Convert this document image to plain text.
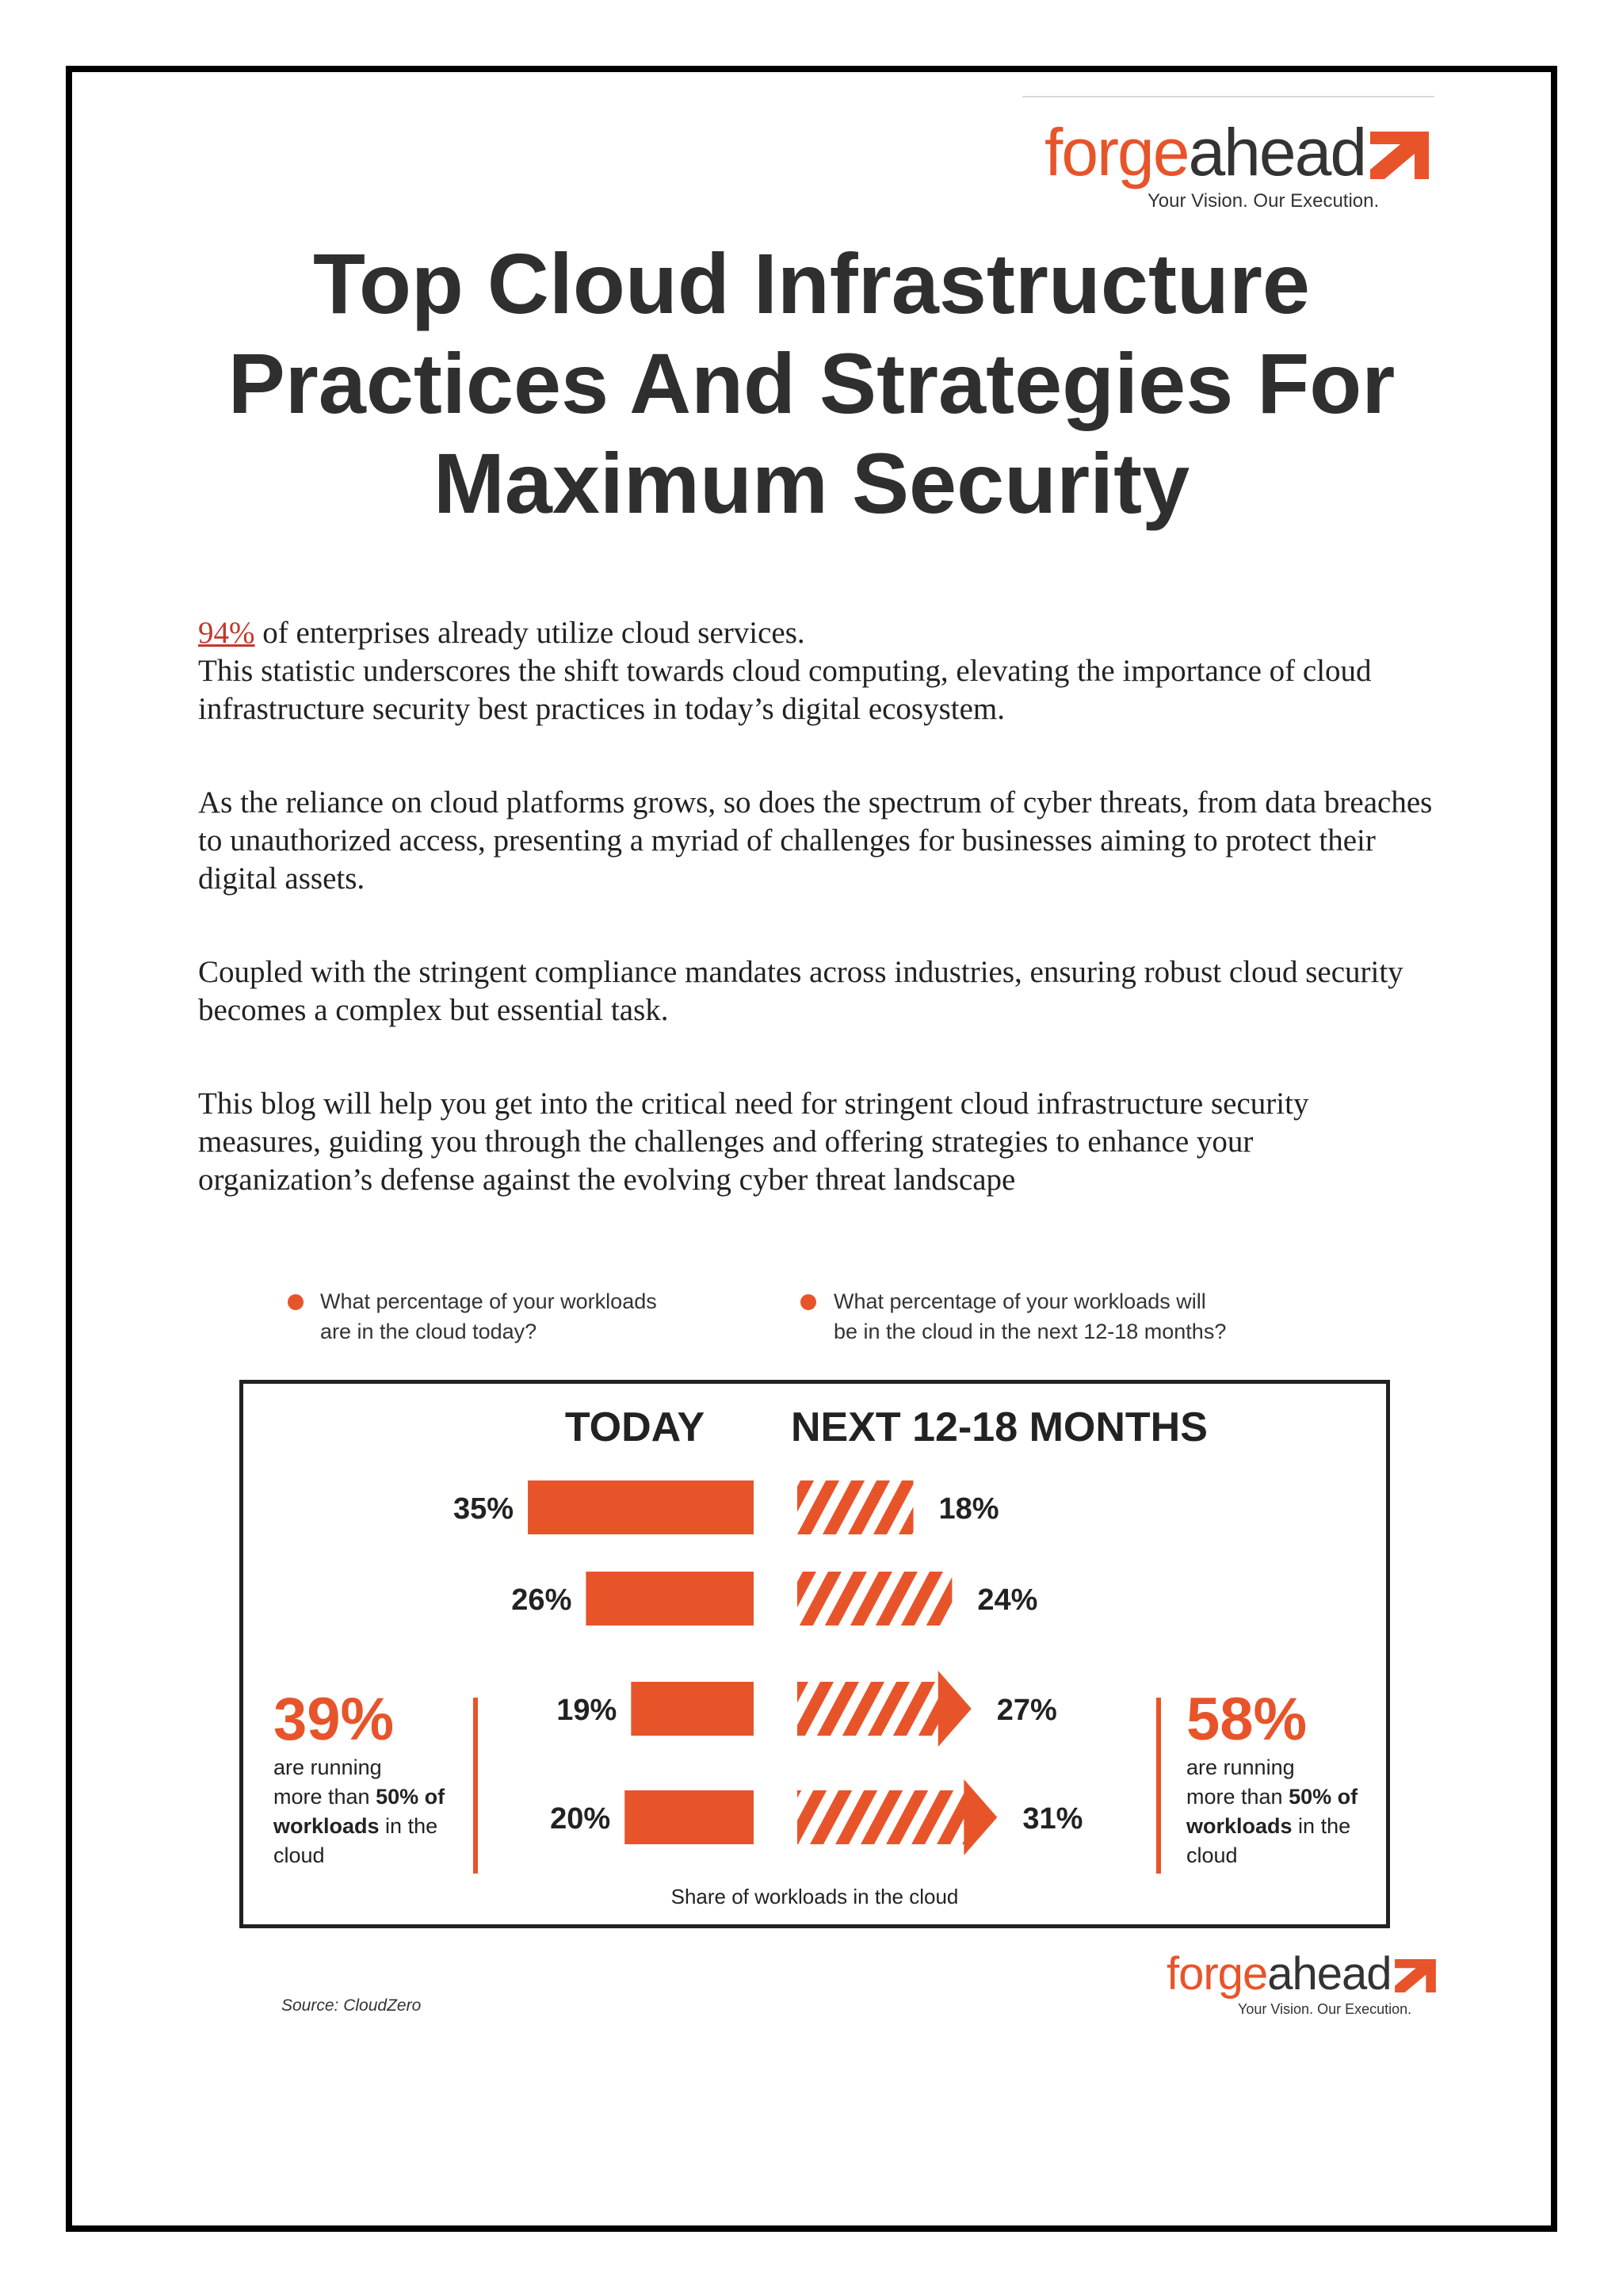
forgeahead
Your Vision. Our Execution.
Top Cloud Infrastructure
Practices And Strategies For
Maximum Security

94% of enterprises already utilize cloud services.
This statistic underscores the shift towards cloud computing, elevating the importance of cloud infrastructure security best practices in today’s digital ecosystem.

As the reliance on cloud platforms grows, so does the spectrum of cyber threats, from data breaches to unauthorized access, presenting a myriad of challenges for businesses aiming to protect their digital assets.

Coupled with the stringent compliance mandates across industries, ensuring robust cloud security becomes a complex but essential task.

This blog will help you get into the critical need for stringent cloud infrastructure security measures, guiding you through the challenges and offering strategies to enhance your organization’s defense against the evolving cyber threat landscape

What percentage of your workloads
are in the cloud today?
What percentage of your workloads will
be in the cloud in the next 12-18 months?
TODAY NEXT 12-18 MONTHS
35%
26%
19%
20%
18%
24%
27%
31%
Share of workloads in the cloud
39%
are running
more than 50% of
workloads in the
cloud
58%
are running
more than 50% of
workloads in the
cloud
Source: CloudZero
forgeahead
Your Vision. Our Execution.
